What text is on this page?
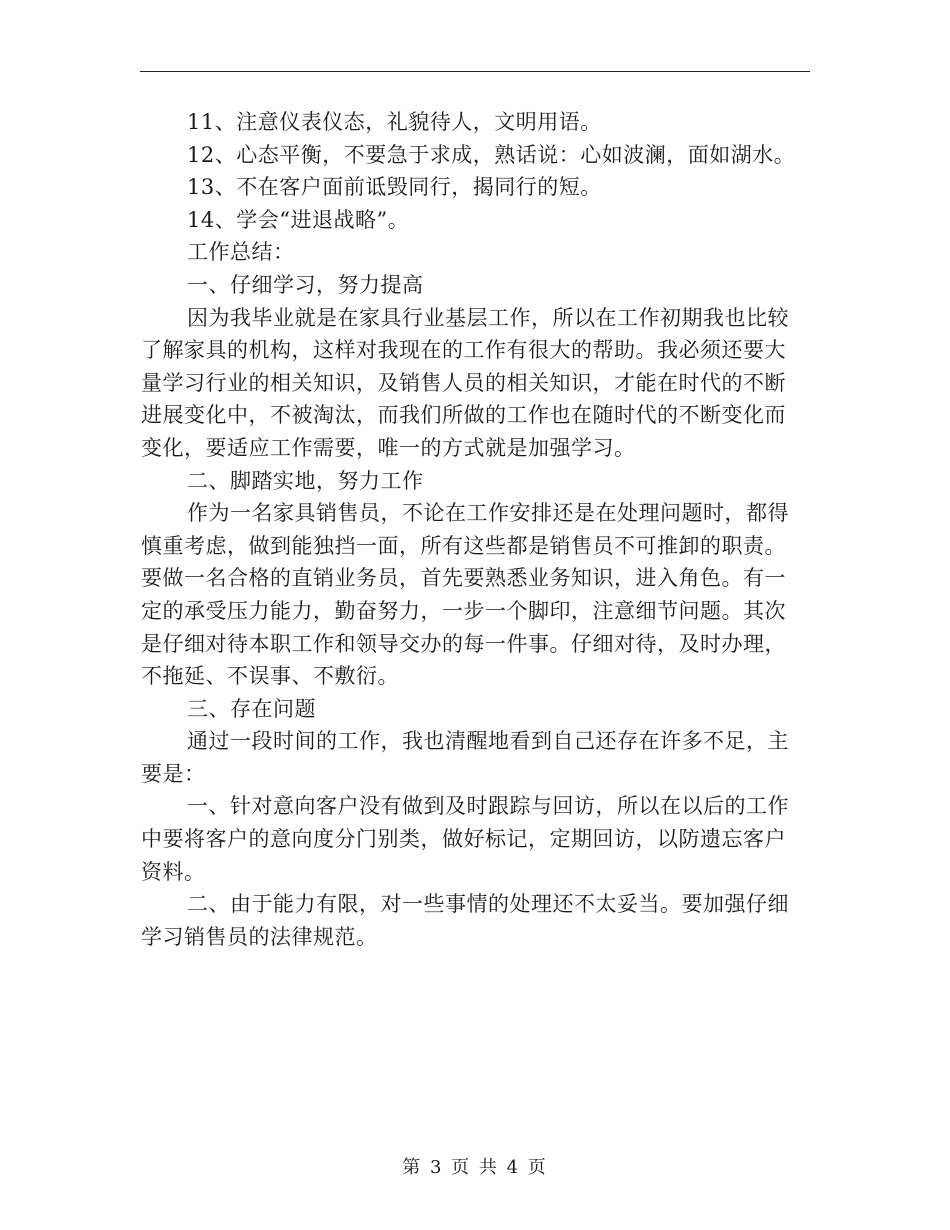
11、注意仪表仪态，礼貌待人，文明用语。
12、心态平衡，不要急于求成，熟话说：心如波澜，面如湖水。
13、不在客户面前诋毁同行，揭同行的短。
14、学会“进退战略”。
工作总结：
一、仔细学习，努力提高
因为我毕业就是在家具行业基层工作，所以在工作初期我也比较
了解家具的机构，这样对我现在的工作有很大的帮助。我必须还要大
量学习行业的相关知识，及销售人员的相关知识，才能在时代的不断
进展变化中，不被淘汰，而我们所做的工作也在随时代的不断变化而
变化，要适应工作需要，唯一的方式就是加强学习。
二、脚踏实地，努力工作
作为一名家具销售员，不论在工作安排还是在处理问题时，都得
慎重考虑，做到能独挡一面，所有这些都是销售员不可推卸的职责。
要做一名合格的直销业务员，首先要熟悉业务知识，进入角色。有一
定的承受压力能力，勤奋努力，一步一个脚印，注意细节问题。其次
是仔细对待本职工作和领导交办的每一件事。仔细对待，及时办理，
不拖延、不误事、不敷衍。
三、存在问题
通过一段时间的工作，我也清醒地看到自己还存在许多不足，主
要是：
一、针对意向客户没有做到及时跟踪与回访，所以在以后的工作
中要将客户的意向度分门别类，做好标记，定期回访，以防遗忘客户
资料。
二、由于能力有限，对一些事情的处理还不太妥当。要加强仔细
学习销售员的法律规范。
第 3 页 共 4 页
